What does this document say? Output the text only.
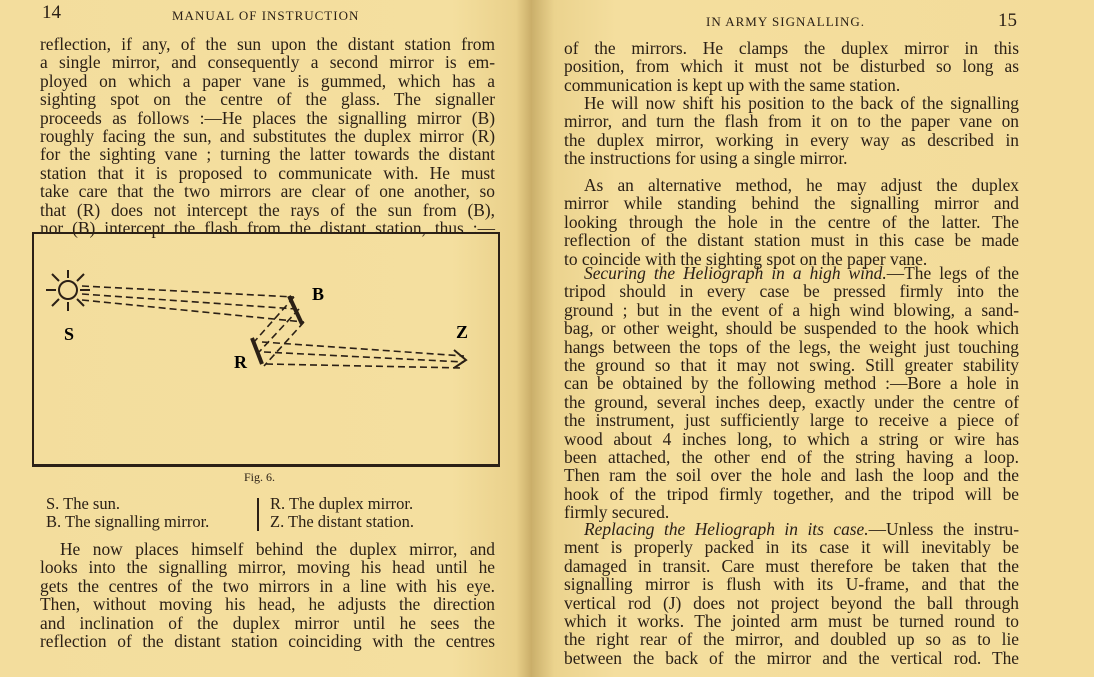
14	MANUAL OF INSTRUCTION
reflection, if any, of the sun upon the distant station from
a single mirror, and consequently a second mirror is em-
ployed on which a paper vane is gummed, which has a
sighting spot on the centre of the glass. The signaller
proceeds as follows :—He places the signalling mirror (B)
roughly facing the sun, and substitutes the duplex mirror (R)
for the sighting vane ; turning the latter towards the distant
station that it is proposed to communicate with. He must
take care that the two mirrors are clear of one another, so
that (R) does not intercept the rays of the sun from (B),
nor (B) intercept the flash from the distant station, thus :—
S
B
R
Z
Fig. 6.
S. The sun.
B. The signalling mirror.
R. The duplex mirror.
Z. The distant station.
He now places himself behind the duplex mirror, and
looks into the signalling mirror, moving his head until he
gets the centres of the two mirrors in a line with his eye.
Then, without moving his head, he adjusts the direction
and inclination of the duplex mirror until he sees the
reflection of the distant station coinciding with the centres
IN ARMY SIGNALLING.	15
of the mirrors. He clamps the duplex mirror in this
position, from which it must not be disturbed so long as
communication is kept up with the same station.
He will now shift his position to the back of the signalling
mirror, and turn the flash from it on to the paper vane on
the duplex mirror, working in every way as described in
the instructions for using a single mirror.
As an alternative method, he may adjust the duplex
mirror while standing behind the signalling mirror and
looking through the hole in the centre of the latter. The
reflection of the distant station must in this case be made
to coincide with the sighting spot on the paper vane.
Securing the Heliograph in a high wind.—The legs of the
tripod should in every case be pressed firmly into the
ground ; but in the event of a high wind blowing, a sand-
bag, or other weight, should be suspended to the hook which
hangs between the tops of the legs, the weight just touching
the ground so that it may not swing. Still greater stability
can be obtained by the following method :—Bore a hole in
the ground, several inches deep, exactly under the centre of
the instrument, just sufficiently large to receive a piece of
wood about 4 inches long, to which a string or wire has
been attached, the other end of the string having a loop.
Then ram the soil over the hole and lash the loop and the
hook of the tripod firmly together, and the tripod will be
firmly secured.
Replacing the Heliograph in its case.—Unless the instru-
ment is properly packed in its case it will inevitably be
damaged in transit. Care must therefore be taken that the
signalling mirror is flush with its U-frame, and that the
vertical rod (J) does not project beyond the ball through
which it works. The jointed arm must be turned round to
the right rear of the mirror, and doubled up so as to lie
between the back of the mirror and the vertical rod. The
